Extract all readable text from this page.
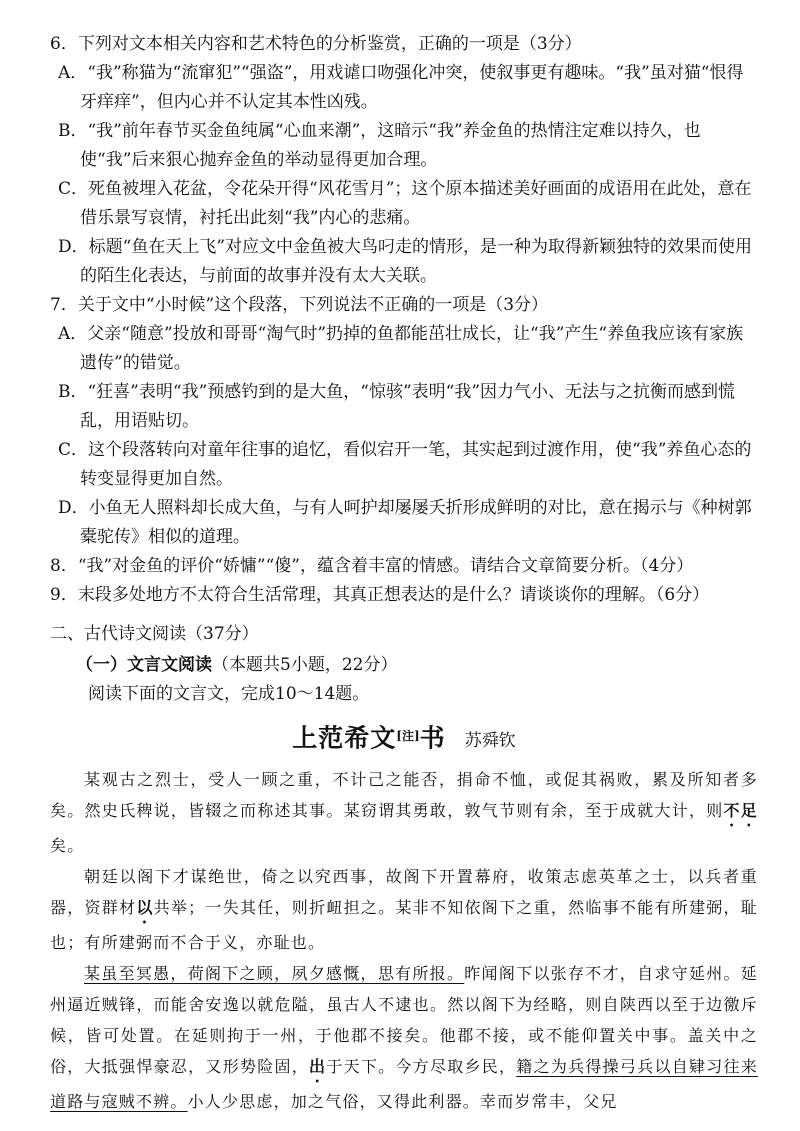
6．下列对文本相关内容和艺术特色的分析鉴赏，正确的一项是（3分）

A．“我”称猫为“流窜犯”“强盗”，用戏谑口吻强化冲突，使叙事更有趣味。“我”虽对猫“恨得牙痒痒”，但内心并不认定其本性凶残。

B．“我”前年春节买金鱼纯属“心血来潮”，这暗示“我”养金鱼的热情注定难以持久，也使“我”后来狠心抛弃金鱼的举动显得更加合理。

C．死鱼被埋入花盆，令花朵开得“风花雪月”；这个原本描述美好画面的成语用在此处，意在借乐景写哀情，衬托出此刻“我”内心的悲痛。

D．标题“鱼在天上飞”对应文中金鱼被大鸟叼走的情形，是一种为取得新颖独特的效果而使用的陌生化表达，与前面的故事并没有太大关联。

7．关于文中“小时候”这个段落，下列说法不正确的一项是（3分）

A．父亲“随意”投放和哥哥“淘气时”扔掉的鱼都能茁壮成长，让“我”产生“养鱼我应该有家族遗传”的错觉。

B．“狂喜”表明“我”预感钓到的是大鱼，“惊骇”表明“我”因力气小、无法与之抗衡而感到慌乱，用语贴切。

C．这个段落转向对童年往事的追忆，看似宕开一笔，其实起到过渡作用，使“我”养鱼心态的转变显得更加自然。

D．小鱼无人照料却长成大鱼，与有人呵护却屡屡夭折形成鲜明的对比，意在揭示与《种树郭橐驼传》相似的道理。

8．“我”对金鱼的评价“娇慵”“傻”，蕴含着丰富的情感。请结合文章简要分析。（4分）

9．末段多处地方不太符合生活常理，其真正想表达的是什么？请谈谈你的理解。（6分）

二、古代诗文阅读（37分）

（一）文言文阅读（本题共5小题，22分）

阅读下面的文言文，完成10～14题。

上范希文[注]书 苏舜钦

某观古之烈士，受人一顾之重，不计己之能否，捐命不恤，或促其祸败，累及所知者多矣。然史氏稗说，皆辍之而称述其事。某窃谓其勇敢，敦气节则有余，至于成就大计，则不足矣。

朝廷以阁下才谋绝世，倚之以究西事，故阁下开置幕府，收策志虑英革之士，以兵者重器，资群材以共举；一失其任，则折衄担之。某非不知依阁下之重，然临事不能有所建弼，耻也；有所建弼而不合于义，亦耻也。

某虽至冥愚，荷阁下之顾，夙夕感慨，思有所报。昨闻阁下以张存不才，自求守延州。延州逼近贼锋，而能舍安逸以就危隘，虽古人不逮也。然以阁下为经略，则自陕西以至于边徼斥候，皆可处置。在延则拘于一州，于他郡不接矣。他郡不接，或不能仰置关中事。盖关中之俗，大抵强悍豪忍，又形势险固，出于天下。今方尽取乡民，籍之为兵得操弓兵以自肄习往来道路与寇贼不辨。小人少思虑，加之气俗，又得此利器。幸而岁常丰，父兄
